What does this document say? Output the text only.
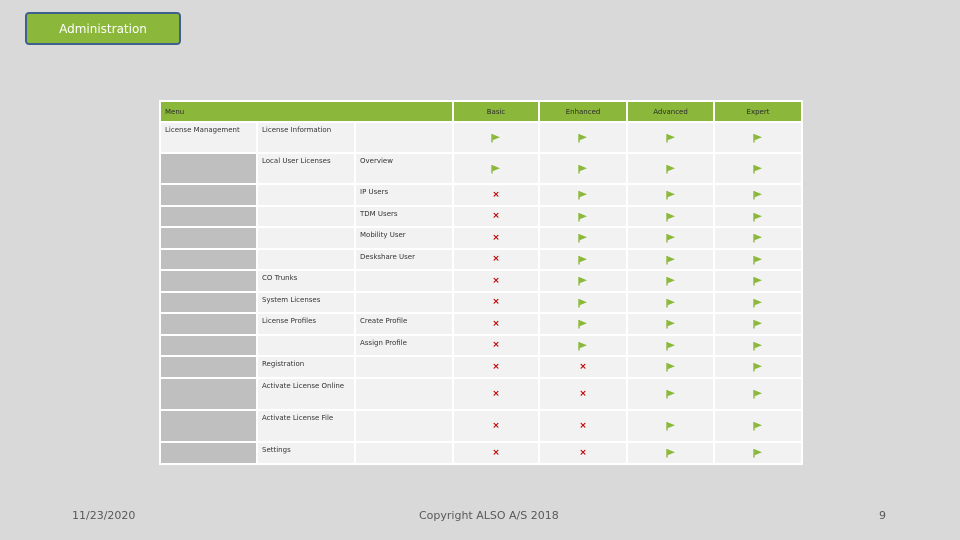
Administration
Menu			Basic	Enhanced	Advanced	Expert
License Management	License Information					
	Local User Licenses	Overview				
		IP Users	×			
		TDM Users	×			
		Mobility User	×			
		Deskshare User	×			
	CO Trunks		×			
	System Licenses		×			
	License Profiles	Create Profile	×			
		Assign Profile	×			
	Registration		×	×		
	Activate License Online		×	×		
	Activate License File		×	×		
	Settings		×	×		
11/23/2020	Copyright ALSO A/S 2018	9
